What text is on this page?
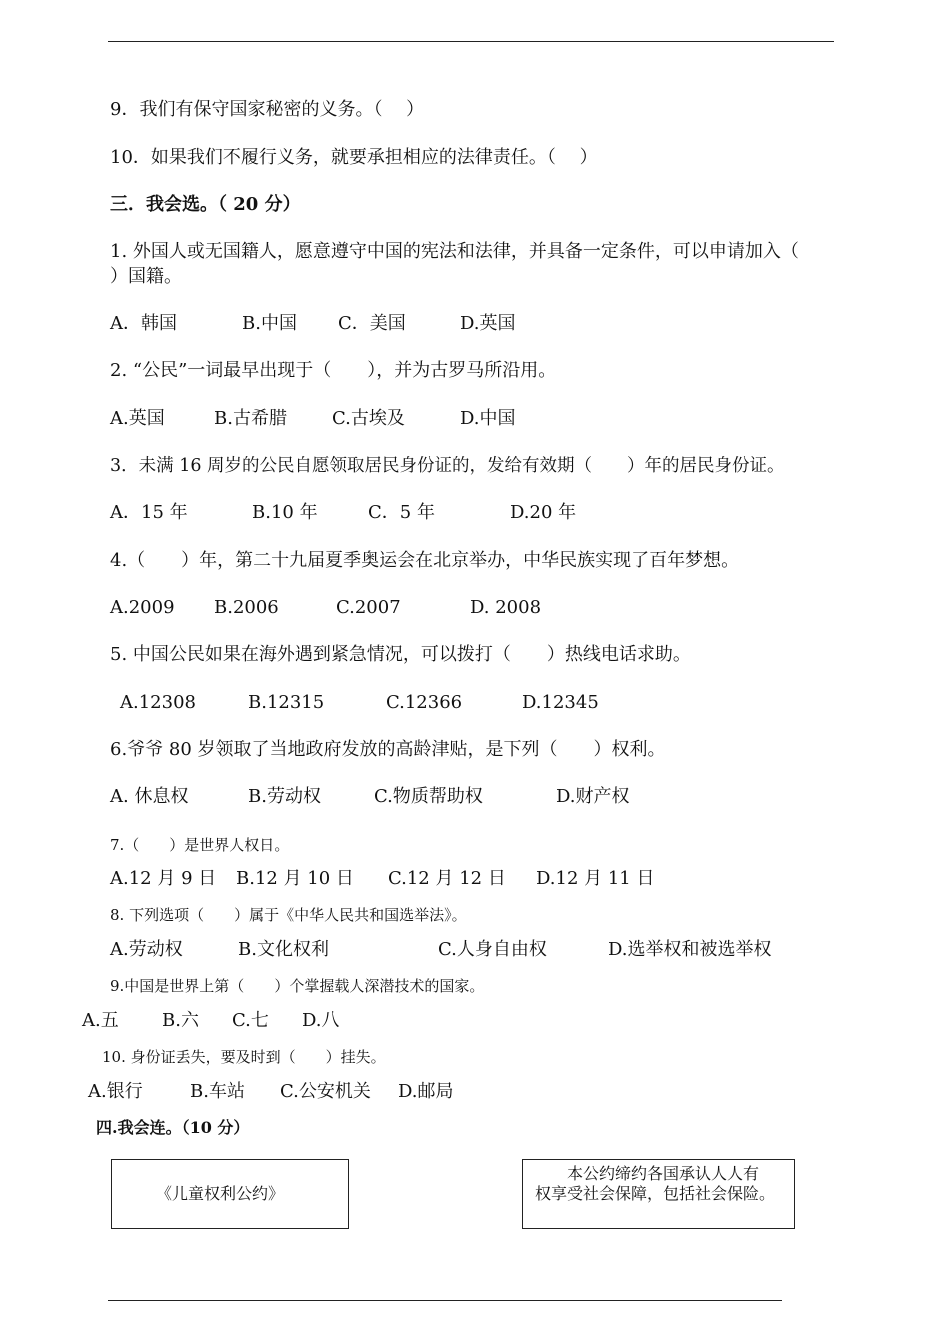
9．我们有保守国家秘密的义务。（　 ）
10．如果我们不履行义务，就要承担相应的法律责任。（　 ）
三．我会选。（ 20 分）
1. 外国人或无国籍人，愿意遵守中国的宪法和法律，并具备一定条件，可以申请加入（
）国籍。
A．韩国	B.中国 C．美国	D.英国
2. “公民”一词最早出现于（　　），并为古罗马所沿用。
A.英国	B.古希腊	C.古埃及	D.中国
3．未满 16 周岁的公民自愿领取居民身份证的，发给有效期（　　）年的居民身份证。
A．15 年	B.10 年	C．5 年	D.20 年
4.（　　）年，第二十九届夏季奥运会在北京举办，中华民族实现了百年梦想。
A.2009 B.2006	C.2007	D. 2008
5. 中国公民如果在海外遇到紧急情况，可以拨打（　　）热线电话求助。
A.12308	B.12315	C.12366	D.12345
6.爷爷 80 岁领取了当地政府发放的高龄津贴，是下列（　　）权利。
A. 休息权	B.劳动权	C.物质帮助权	D.财产权
7.（　　）是世界人权日。
A.12 月 9 日 B.12 月 10 日 C.12 月 12 日 D.12 月 11 日
8. 下列选项（　　）属于《中华人民共和国选举法》。
A.劳动权	B.文化权利	C.人身自由权	D.选举权和被选举权
9.中国是世界上第（　　）个掌握载人深潜技术的国家。
A.五 B.六 C.七 D.八
10. 身份证丢失，要及时到（　　）挂失。
A.银行	B.车站 C.公安机关 D.邮局
四.我会连。（10 分）
《儿童权利公约》
本公约缔约各国承认人人有
权享受社会保障，包括社会保险。
